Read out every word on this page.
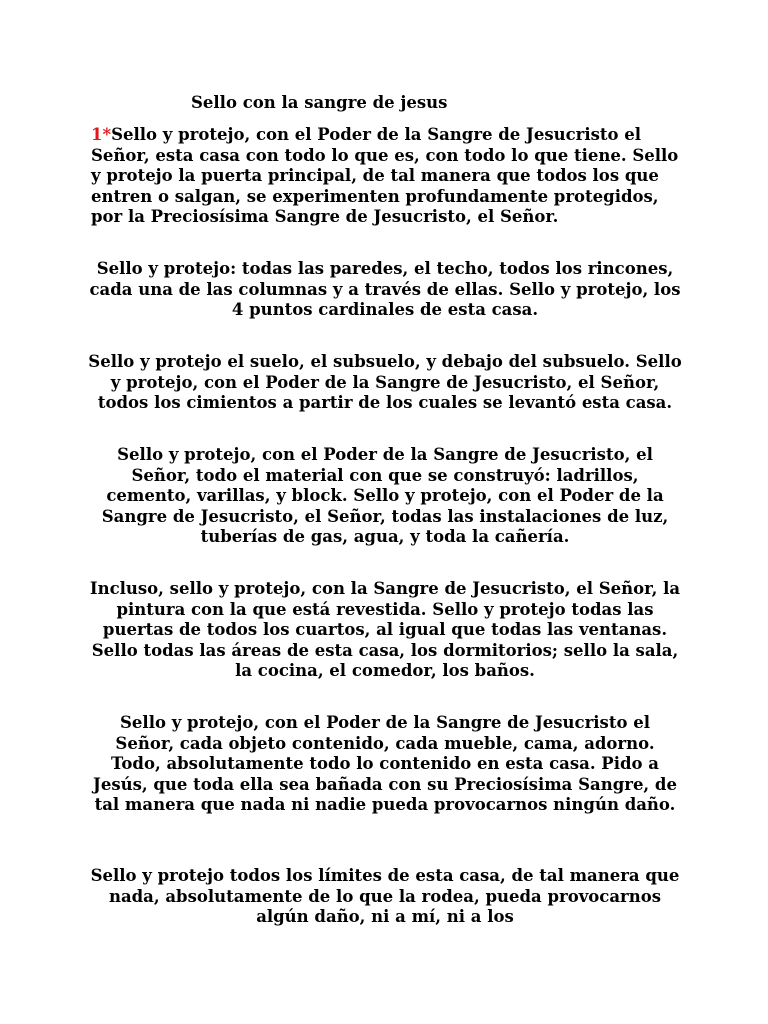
Sello con la sangre de jesus

1*Sello y protejo, con el Poder de la Sangre de Jesucristo el Señor, esta casa con todo lo que es, con todo lo que tiene. Sello y protejo la puerta principal, de tal manera que todos los que entren o salgan, se experimenten profundamente protegidos, por la Preciosísima Sangre de Jesucristo, el Señor.

Sello y protejo: todas las paredes, el techo, todos los rincones, cada una de las columnas y a través de ellas. Sello y protejo, los 4 puntos cardinales de esta casa.

Sello y protejo el suelo, el subsuelo, y debajo del subsuelo. Sello y protejo, con el Poder de la Sangre de Jesucristo, el Señor, todos los cimientos a partir de los cuales se levantó esta casa.

Sello y protejo, con el Poder de la Sangre de Jesucristo, el Señor, todo el material con que se construyó: ladrillos, cemento, varillas, y block. Sello y protejo, con el Poder de la Sangre de Jesucristo, el Señor, todas las instalaciones de luz, tuberías de gas, agua, y toda la cañería.

Incluso, sello y protejo, con la Sangre de Jesucristo, el Señor, la pintura con la que está revestida. Sello y protejo todas las puertas de todos los cuartos, al igual que todas las ventanas. Sello todas las áreas de esta casa, los dormitorios; sello la sala, la cocina, el comedor, los baños.

Sello y protejo, con el Poder de la Sangre de Jesucristo el Señor, cada objeto contenido, cada mueble, cama, adorno. Todo, absolutamente todo lo contenido en esta casa. Pido a Jesús, que toda ella sea bañada con su Preciosísima Sangre, de tal manera que nada ni nadie pueda provocarnos ningún daño.

Sello y protejo todos los límites de esta casa, de tal manera que nada, absolutamente de lo que la rodea, pueda provocarnos algún daño, ni a mí, ni a los
